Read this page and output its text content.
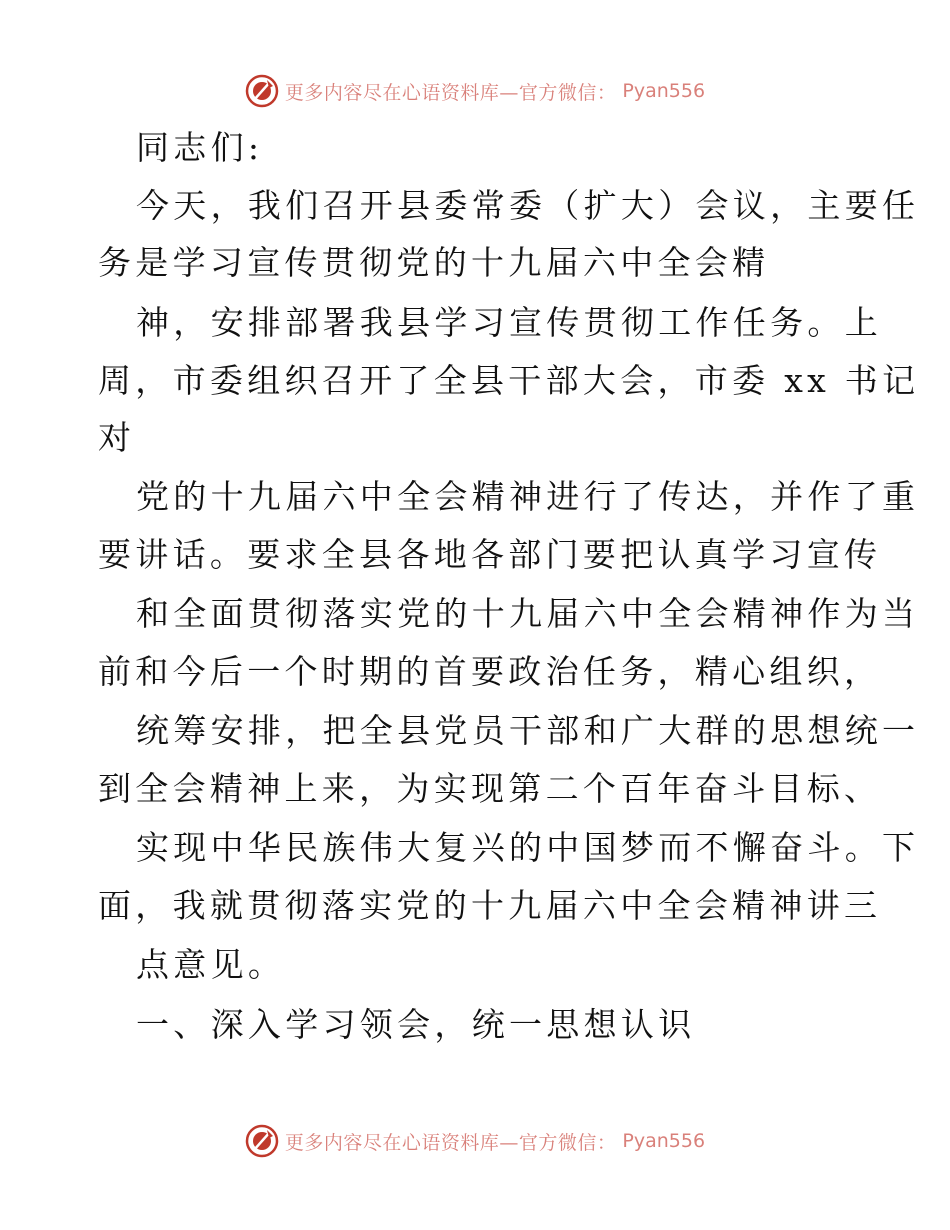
更多内容尽在心语资料库—官方微信： Pyan556
同志们:
今天，我们召开县委常委（扩大）会议，主要任
务是学习宣传贯彻党的十九届六中全会精
神，安排部署我县学习宣传贯彻工作任务。上
周，市委组织召开了全县干部大会，市委 xx 书记
对
党的十九届六中全会精神进行了传达，并作了重
要讲话。要求全县各地各部门要把认真学习宣传
和全面贯彻落实党的十九届六中全会精神作为当
前和今后一个时期的首要政治任务，精心组织，
统筹安排，把全县党员干部和广大群的思想统一
到全会精神上来，为实现第二个百年奋斗目标、
实现中华民族伟大复兴的中国梦而不懈奋斗。下
面，我就贯彻落实党的十九届六中全会精神讲三
点意见。
一、深入学习领会，统一思想认识
更多内容尽在心语资料库—官方微信： Pyan556
